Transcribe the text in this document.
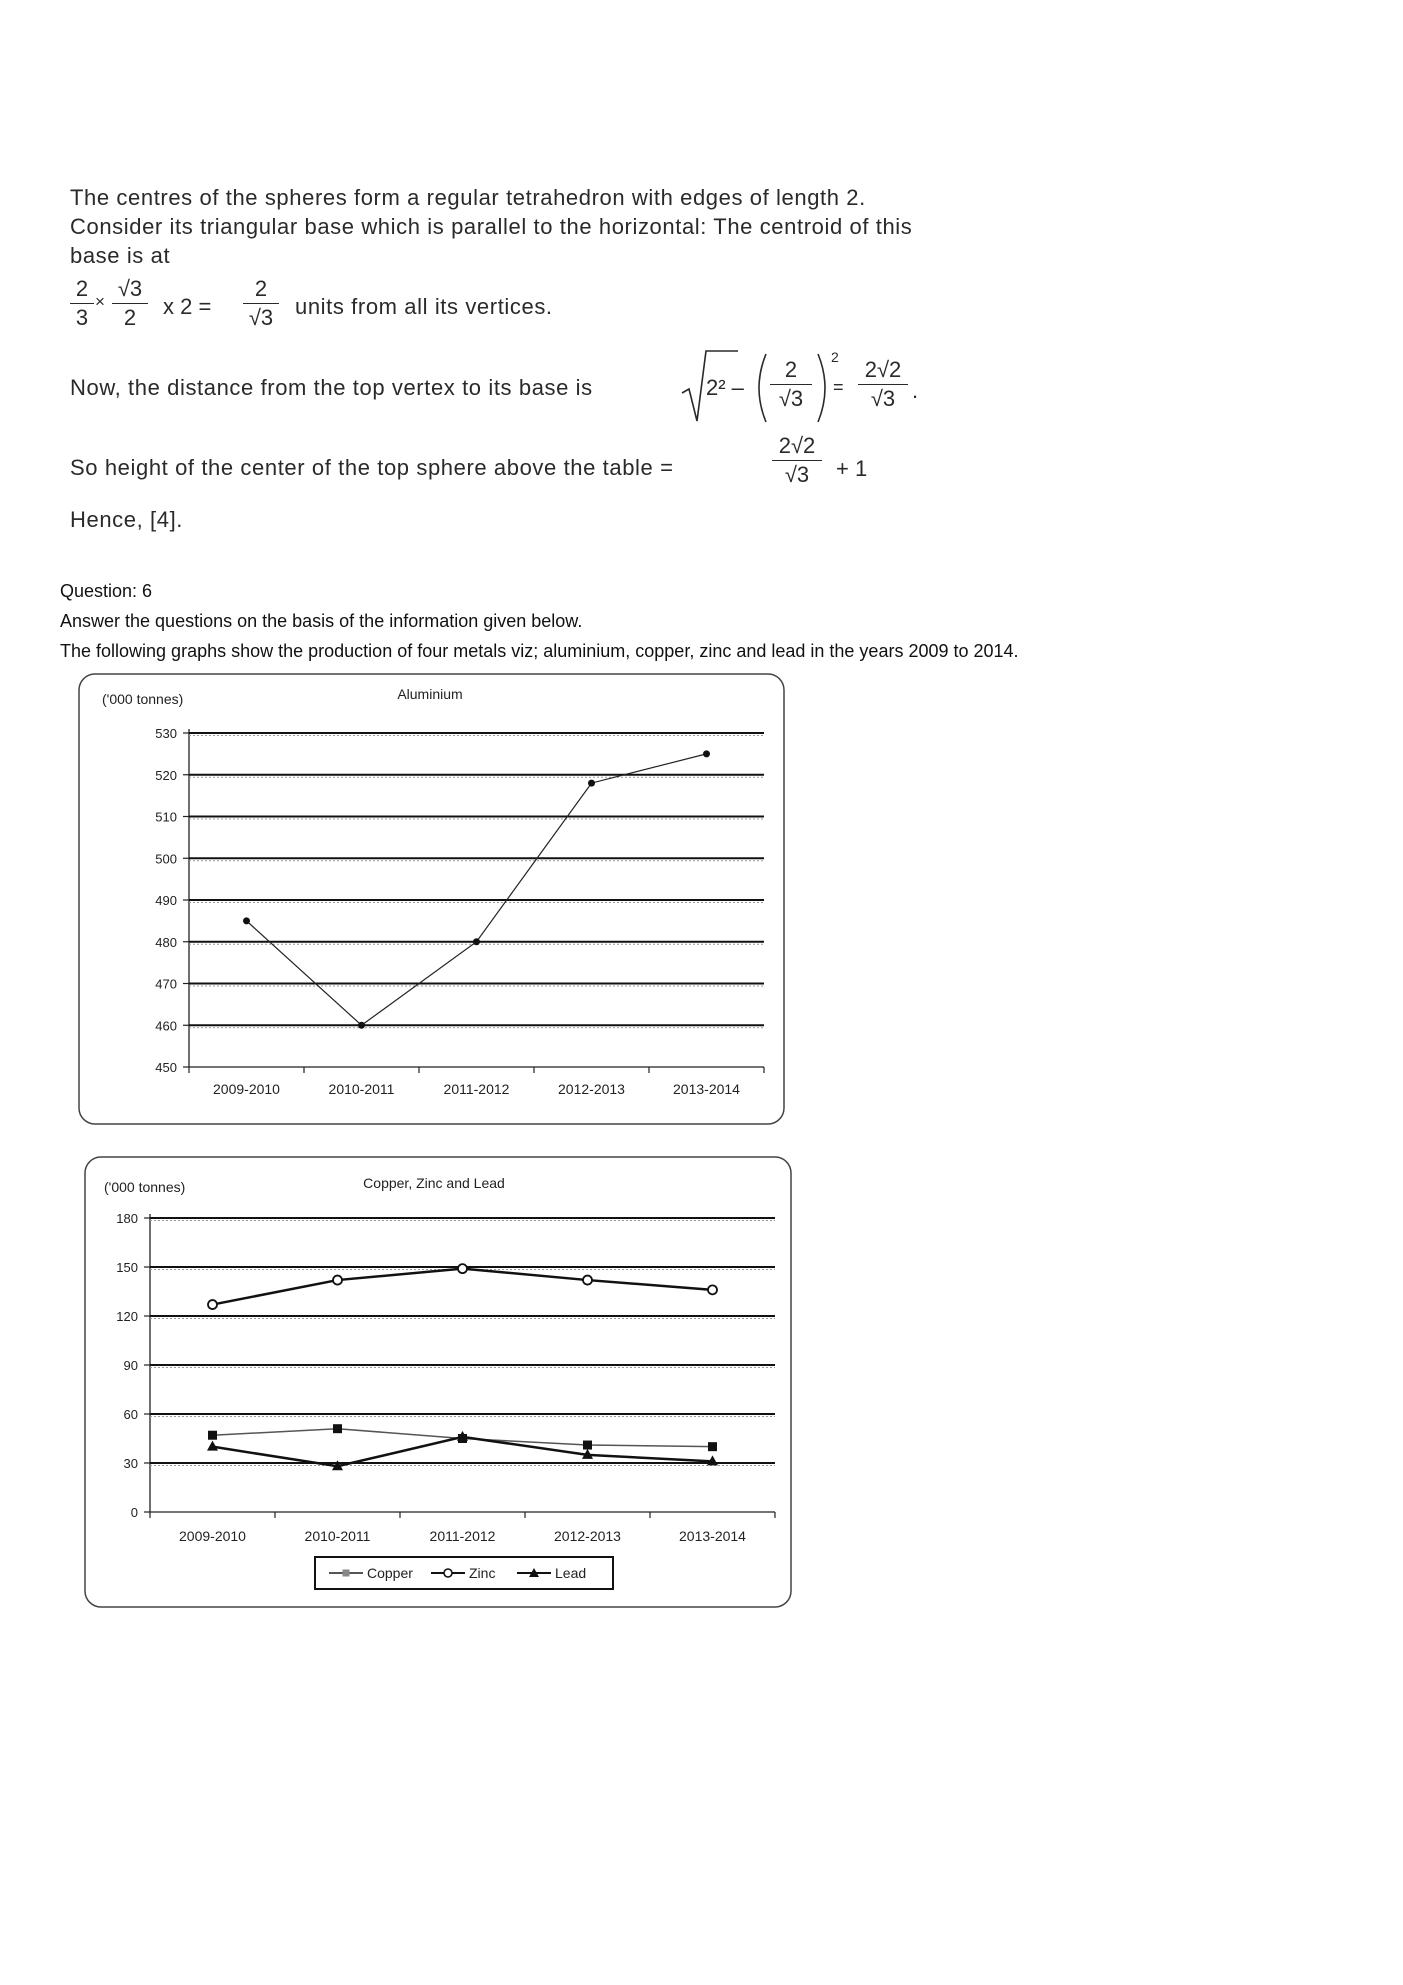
The centres of the spheres form a regular tetrahedron with edges of length 2.
Consider its triangular base which is parallel to the horizontal: The centroid of this
base is at
2
3
×
√3
2	x 2 =
2
√3 units from all its vertices.
Now, the distance from the top vertex to its base is	2² –
2
√3
2
=
2√2
√3 .
So height of the center of the top sphere above the table =
2√2
√3	+ 1
Hence, [4].
Question: 6
Answer the questions on the basis of the information given below.
The following graphs show the production of four metals viz; aluminium, copper, zinc and lead in the years 2009 to 2014.
('000 tonnes)	Aluminium
450
460
470
480
490
500
510
520
530
2009-2010	2010-2011	2011-2012	2012-2013	2013-2014
('000 tonnes)	Copper, Zinc and Lead
0
30
60
90
120
150
180
2009-2010	2010-2011	2011-2012	2012-2013	2013-2014
Copper	Zinc	Lead
